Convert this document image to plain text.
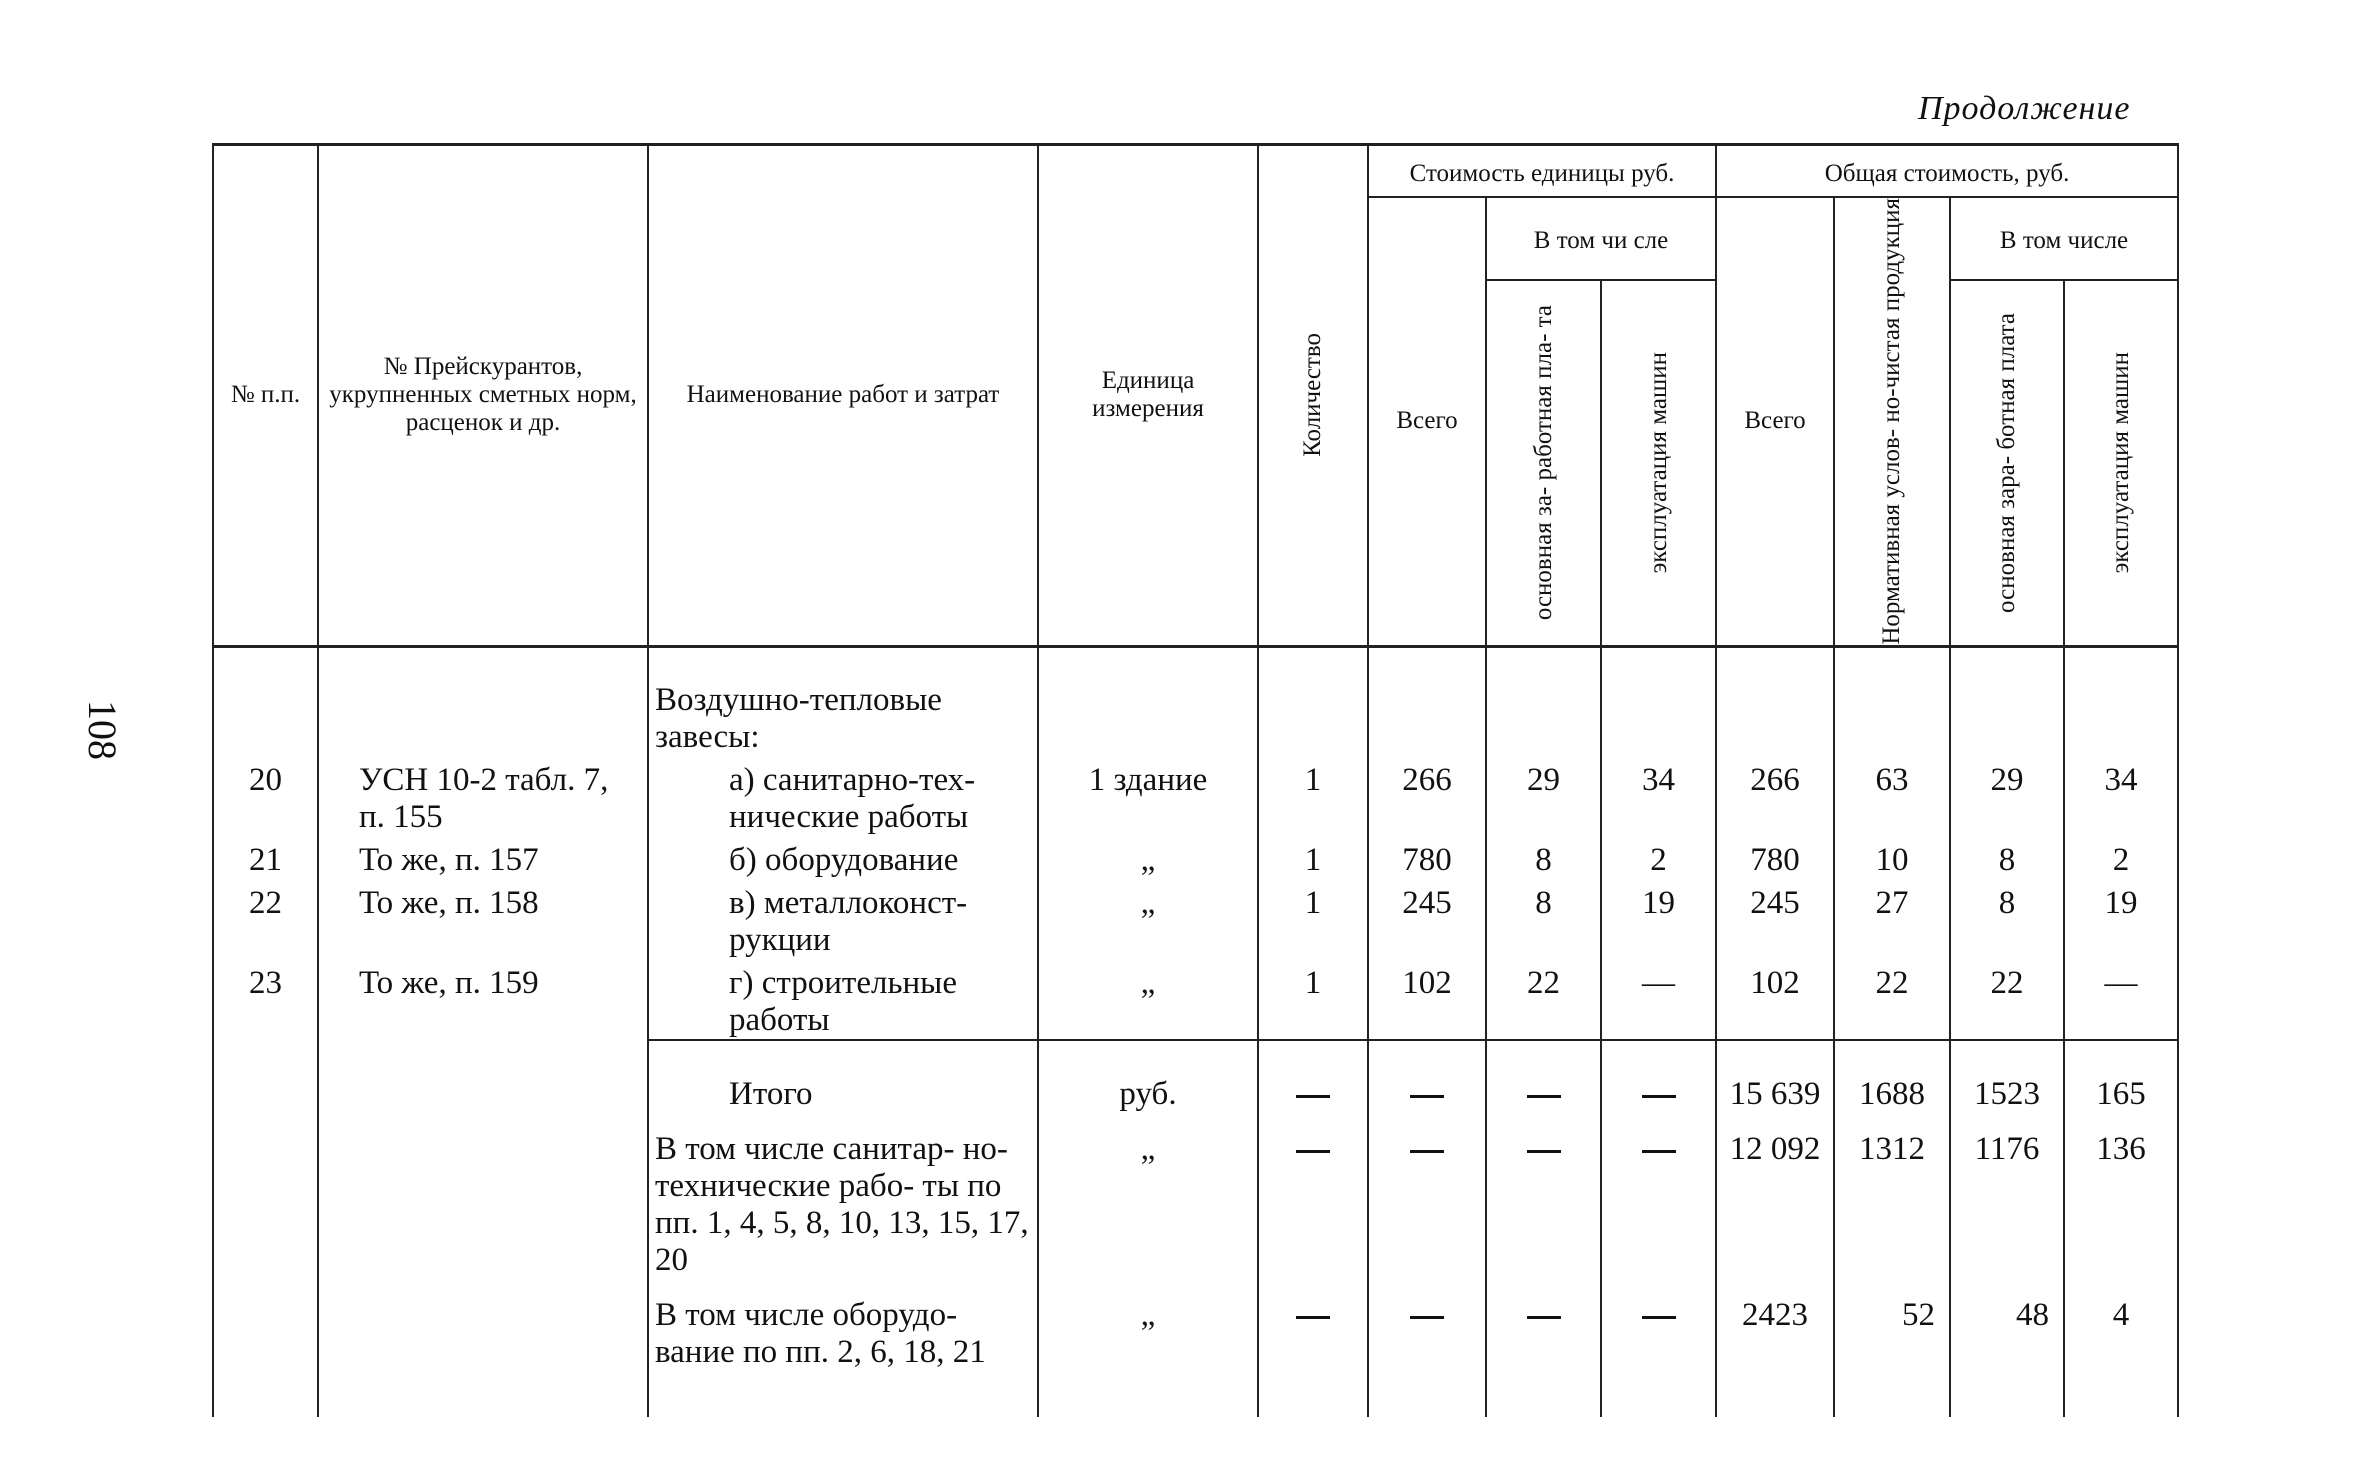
108
Продолжение
№ п.п.	№ Прейскурантов, укрупненных сметных норм, расценок и др.	Наименование работ и затрат	Единица измерения	Количество	Стоимость единицы руб.			Общая стоимость, руб.			
					Всего	В том чи сле		Всего	Нормативная услов- но-чистая продукция	В том числе	

						основная за- работная пла- та	эксплуатация машин			основная зара- ботная плата	эксплуатация машин

		Воздушно-тепловые завесы:									
20	УСН 10-2 табл. 7, п. 155	а) санитарно-тех- нические работы	1 здание	1	266	29	34	266	63	29	34
21	То же, п. 157	б) оборудование	„	1	780	8	2	780	10	8	2
22	То же, п. 158	в) металлоконст- рукции	„	1	245	8	19	245	27	8	19
23	То же, п. 159	г) строительные работы	„	1	102	22	—	102	22	22	—

		Итого	руб.					15 639	1688	1523	165
		В том числе санитар- но-технические рабо- ты по пп. 1, 4, 5, 8, 10, 13, 15, 17, 20	„					12 092	1312	1176	136
		В том числе оборудо- вание по пп. 2, 6, 18, 21	„					2423	52	48	4
